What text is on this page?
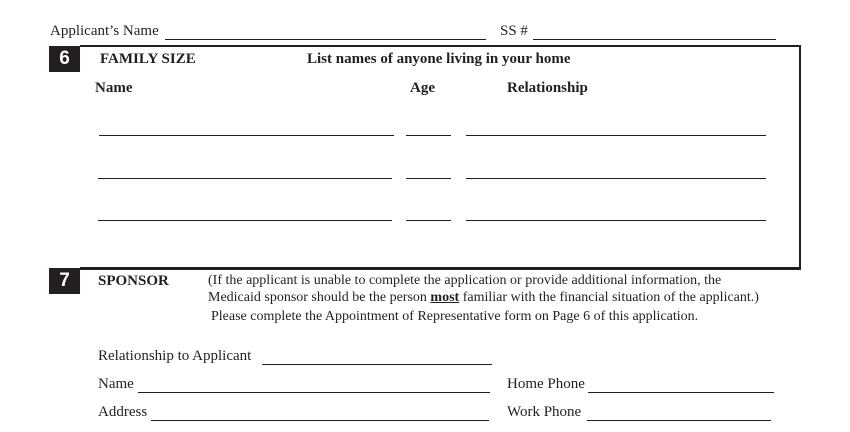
Applicant’s Name	SS #
6	FAMILY SIZE	List names of anyone living in your home
Name	Age	Relationship
7	SPONSOR	(If the applicant is unable to complete the application or provide additional information, the
Medicaid sponsor should be the person most familiar with the financial situation of the applicant.)
Please complete the Appointment of Representative form on Page 6 of this application.
Relationship to Applicant
Name	Home Phone
Address	Work Phone
